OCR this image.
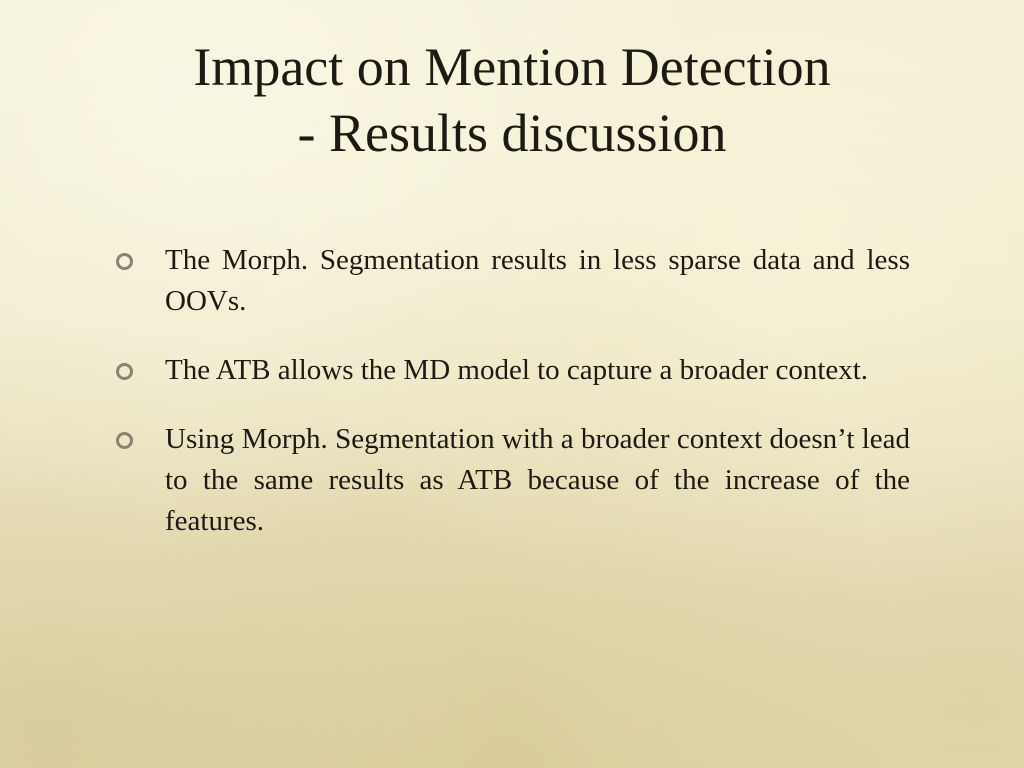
Impact on Mention Detection
- Results discussion
The Morph. Segmentation results in less sparse data and less OOVs.
The ATB allows the MD model to capture a broader context.
Using Morph. Segmentation with a broader context doesn’t lead to the same results as ATB because of the increase of the features.
